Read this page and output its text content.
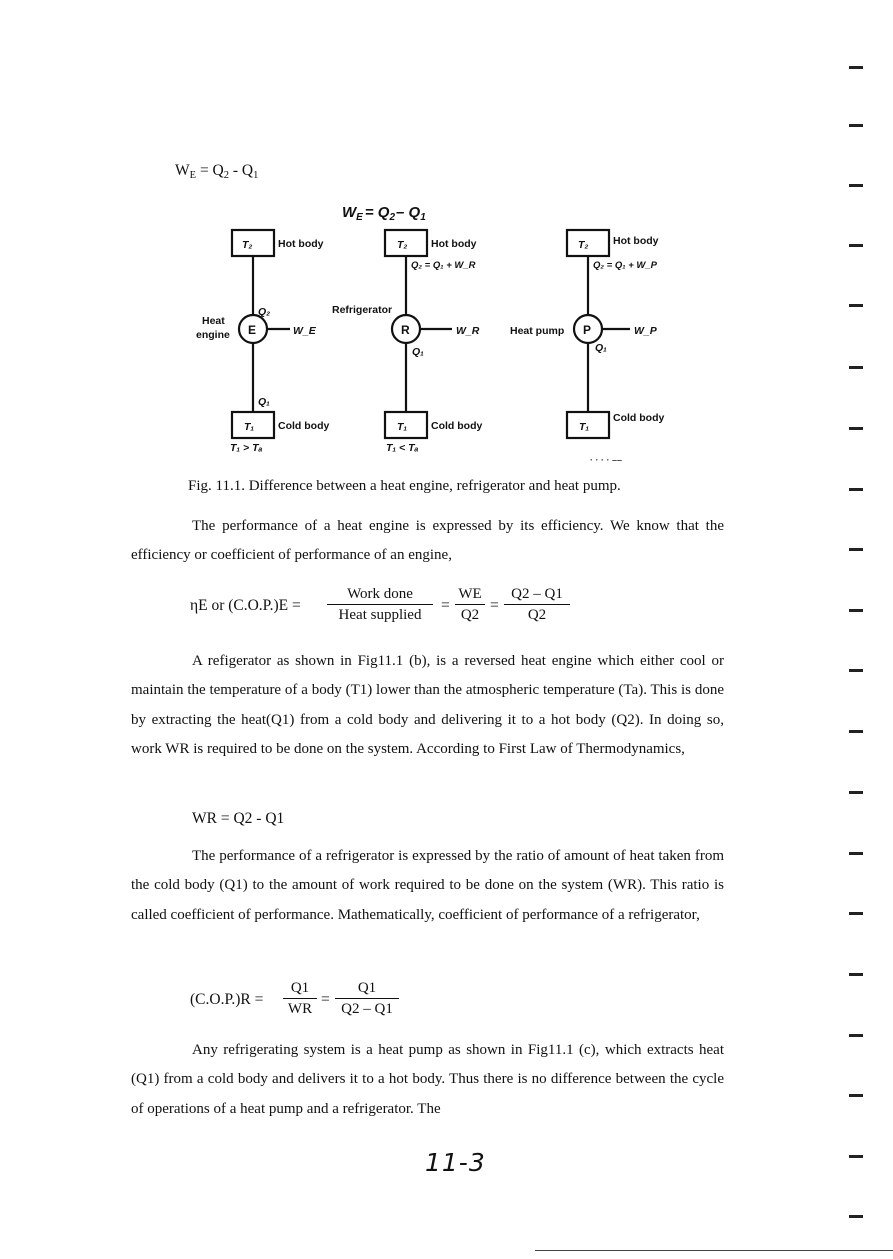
$W_E = Q_2 - Q_1$
$W_E = Q_2-$ $Q_1$
T₂ Hot body
Q₂
Heat
engine E	W_E
Q₁
T₁ Cold body
T₁ > Tₐ
T₂ Hot body
Q₂ = Q₁ + W_R
Refrigerator
R	W_R
Q₁
T₁ Cold body
T₁ < Tₐ
T₂ Hot body
Q₂ = Q₁ + W_P
Heat pump P	W_P
Q₁
T₁
Cold body
· · · · ––
Fig. 11.1. Difference between a heat engine, refrigerator and heat pump.

The performance of a heat engine is expressed by its efficiency. We know that the efficiency or coefficient of performance of an engine,

ηE or (C.O.P.)E =
Work done
Heat supplied
= $\frac{WE}{Q2} = \frac{Q2 - Q1}{Q2}$

A refigerator as shown in Fig11.1 (b), is a reversed heat engine which either cool or maintain the temperature of a body (T1) lower than the atmospheric temperature (Ta). This is done by extracting the heat(Q1) from a cold body and delivering it to a hot body (Q2). In doing so, work WR is required to be done on the system. According to First Law of Thermodynamics,

WR = Q2 - Q1

The performance of a refrigerator is expressed by the ratio of amount of heat taken from the cold body (Q1) to the amount of work required to be done on the system (WR). This ratio is called coefficient of performance. Mathematically, coefficient of performance of a refrigerator,

$(C.O.P.)R = \frac{Q1}{WR} = \frac{Q1}{Q2 - Q1}$

Any refrigerating system is a heat pump as shown in Fig11.1 (c), which extracts heat (Q1) from a cold body and delivers it to a hot body. Thus there is no difference between the cycle of operations of a heat pump and a refrigerator. The

11-3
